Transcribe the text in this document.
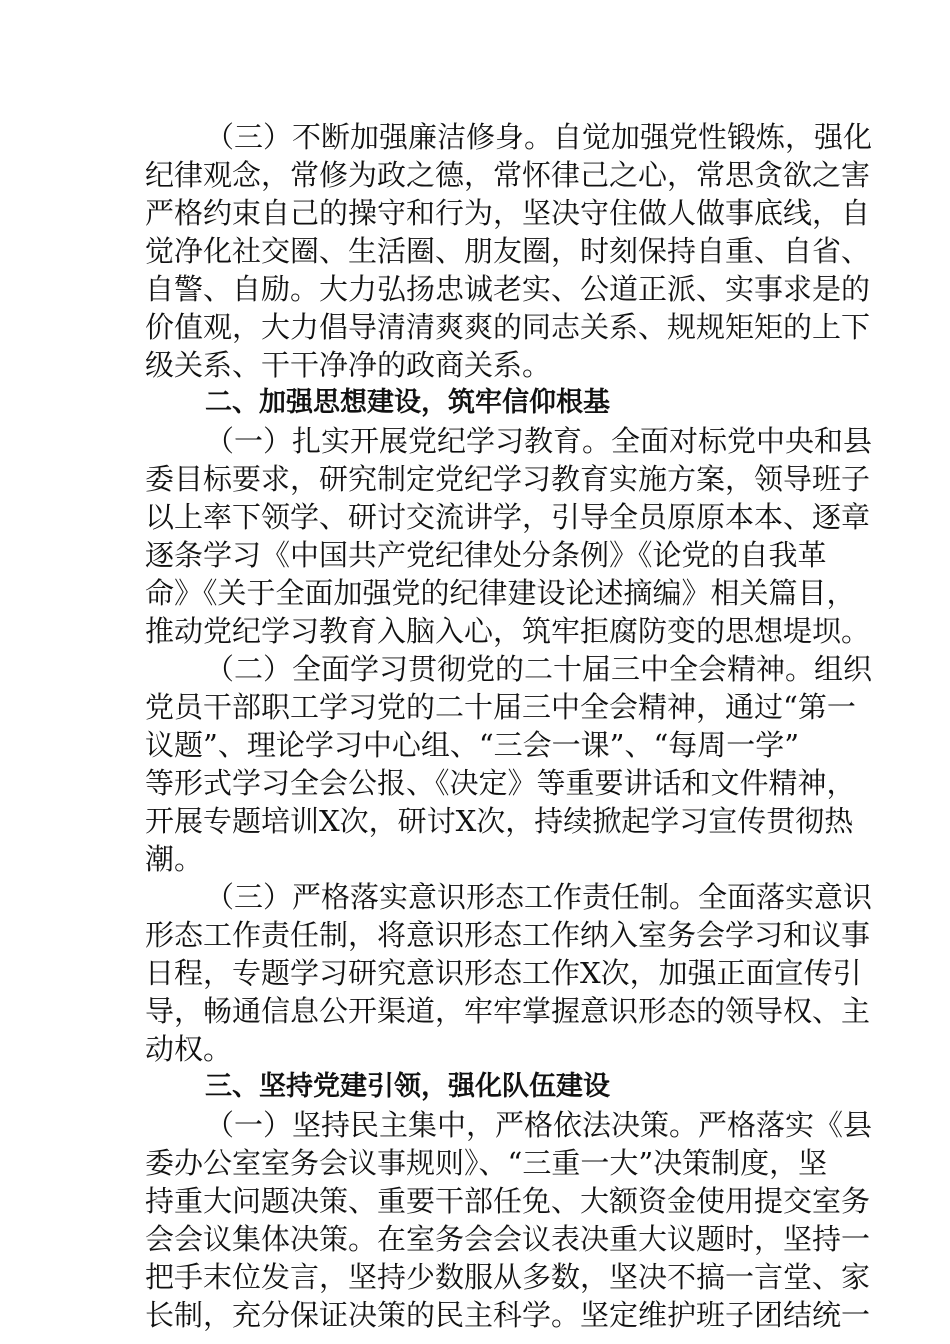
（三）不断加强廉洁修身。自觉加强党性锻炼，强化
纪律观念，常修为政之德，常怀律己之心，常思贪欲之害
严格约束自己的操守和行为，坚决守住做人做事底线，自
觉净化社交圈、生活圈、朋友圈，时刻保持自重、自省、
自警、自励。大力弘扬忠诚老实、公道正派、实事求是的
价值观，大力倡导清清爽爽的同志关系、规规矩矩的上下
级关系、干干净净的政商关系。
二、加强思想建设，筑牢信仰根基
（一）扎实开展党纪学习教育。全面对标党中央和县
委目标要求，研究制定党纪学习教育实施方案，领导班子
以上率下领学、研讨交流讲学，引导全员原原本本、逐章
逐条学习《中国共产党纪律处分条例》《论党的自我革
命》《关于全面加强党的纪律建设论述摘编》相关篇目，
推动党纪学习教育入脑入心，筑牢拒腐防变的思想堤坝。
（二）全面学习贯彻党的二十届三中全会精神。组织
党员干部职工学习党的二十届三中全会精神，通过“第一
议题”、理论学习中心组、“三会一课”、“每周一学”
等形式学习全会公报、《决定》等重要讲话和文件精神，
开展专题培训X次，研讨X次，持续掀起学习宣传贯彻热
潮。
（三）严格落实意识形态工作责任制。全面落实意识
形态工作责任制，将意识形态工作纳入室务会学习和议事
日程，专题学习研究意识形态工作X次，加强正面宣传引
导，畅通信息公开渠道，牢牢掌握意识形态的领导权、主
动权。
三、坚持党建引领，强化队伍建设
（一）坚持民主集中，严格依法决策。严格落实《县
委办公室室务会议事规则》、“三重一大”决策制度，坚
持重大问题决策、重要干部任免、大额资金使用提交室务
会会议集体决策。在室务会会议表决重大议题时，坚持一
把手末位发言，坚持少数服从多数，坚决不搞一言堂、家
长制，充分保证决策的民主科学。坚定维护班子团结统一
